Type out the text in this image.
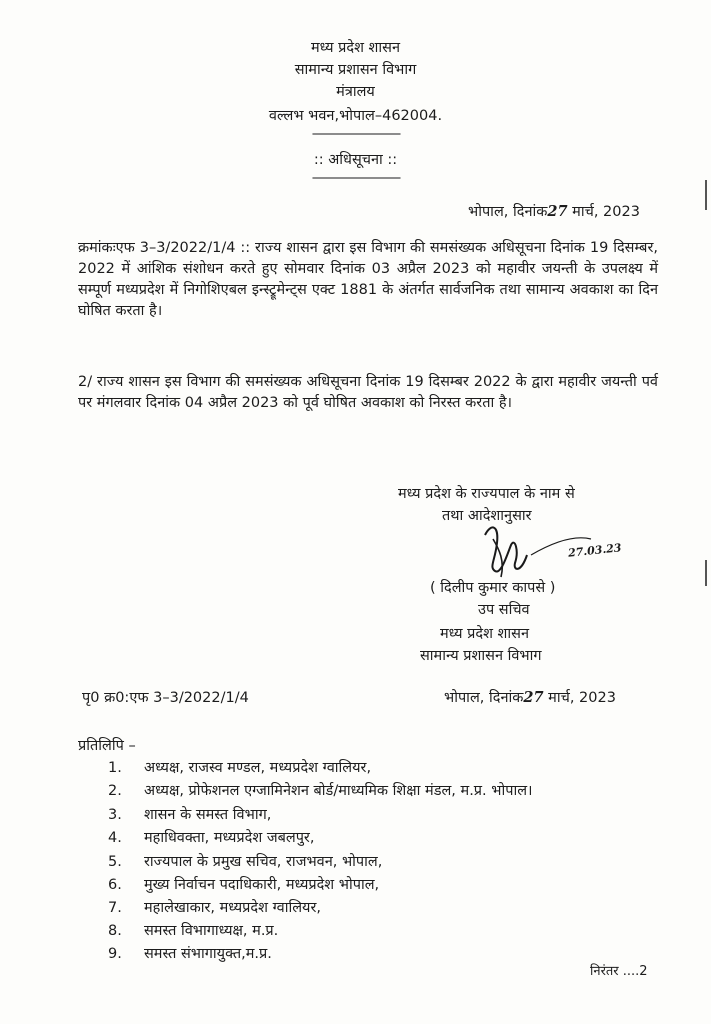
मध्य प्रदेश शासन
सामान्य प्रशासन विभाग
मंत्रालय
वल्लभ भवन,भोपाल–462004.
———————
:: अधिसूचना ::
———————
भोपाल, दिनांक27 मार्च, 2023
क्रमांकःएफ 3–3/2022/1/4 :: राज्य शासन द्वारा इस विभाग की समसंख्यक अधिसूचना दिनांक 19 दिसम्बर, 2022 में आंशिक संशोधन करते हुए सोमवार दिनांक 03 अप्रैल 2023 को महावीर जयन्ती के उपलक्ष्य में सम्पूर्ण मध्यप्रदेश में निगोशिएबल इन्स्ट्रूमेन्ट्स एक्ट 1881 के अंतर्गत सार्वजनिक तथा सामान्य अवकाश का दिन घोषित करता है।
2/ राज्य शासन इस विभाग की समसंख्यक अधिसूचना दिनांक 19 दिसम्बर 2022 के द्वारा महावीर जयन्ती पर्व पर मंगलवार दिनांक 04 अप्रैल 2023 को पूर्व घोषित अवकाश को निरस्त करता है।
मध्य प्रदेश के राज्यपाल के नाम से
तथा आदेशानुसार
27.03.23
( दिलीप कुमार कापसे )
उप सचिव
मध्य प्रदेश शासन
सामान्य प्रशासन विभाग
पृ0 क्र0:एफ 3–3/2022/1/4	भोपाल, दिनांक27 मार्च, 2023
प्रतिलिपि –
1. अध्यक्ष, राजस्व मण्डल, मध्यप्रदेश ग्वालियर,
2. अध्यक्ष, प्रोफेशनल एग्जामिनेशन बोर्ड/माध्यमिक शिक्षा मंडल, म.प्र. भोपाल।
3. शासन के समस्त विभाग,
4. महाधिवक्ता, मध्यप्रदेश जबलपुर,
5. राज्यपाल के प्रमुख सचिव, राजभवन, भोपाल,
6. मुख्य निर्वाचन पदाधिकारी, मध्यप्रदेश भोपाल,
7. महालेखाकार, मध्यप्रदेश ग्वालियर,
8. समस्त विभागाध्यक्ष, म.प्र.
9. समस्त संभागायुक्त,म.प्र.
निरंतर ....2
